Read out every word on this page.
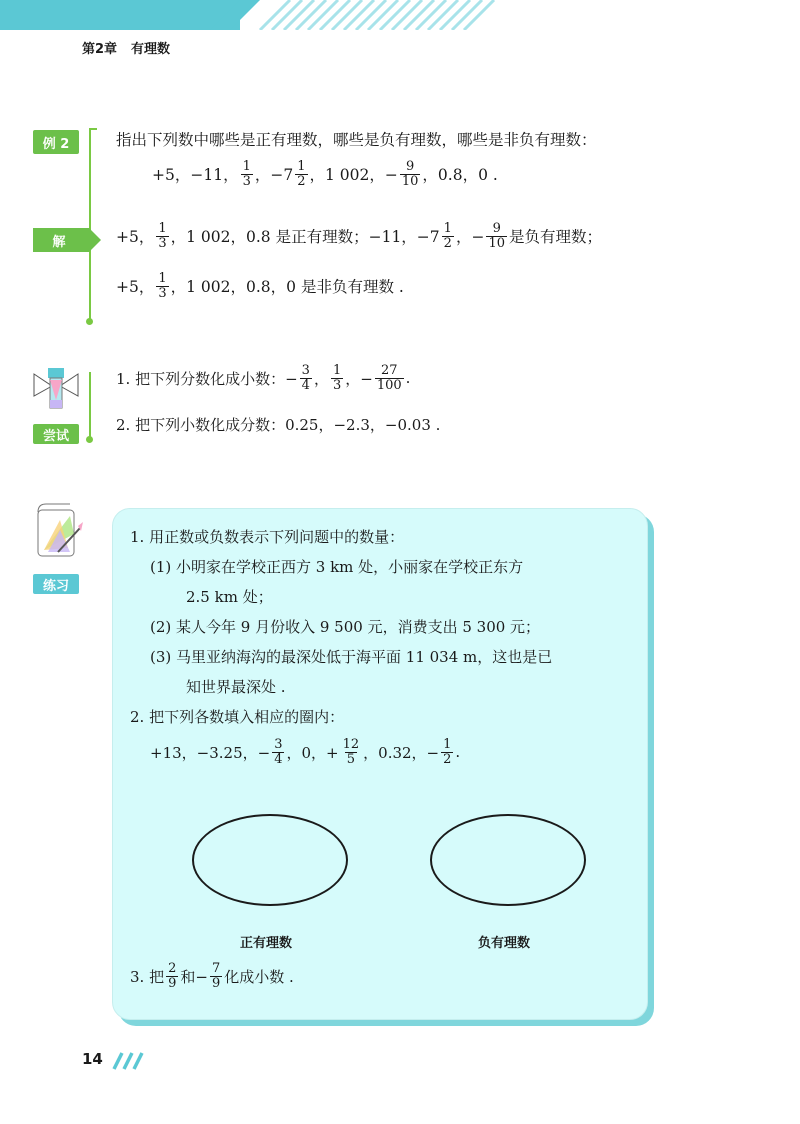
第2章 有理数
例 2	指出下列数中哪些是正有理数，哪些是负有理数，哪些是非负有理数：
+5， −11， $\frac{1}{3}$ ，$-7 \frac{1}{2}$ ，1 002，− $\frac{9}{10}$ ，0.8，0 .
解	+5， $\frac{1}{3}$ ，1 002，0.8 是正有理数；−11，$-7 \frac{1}{2}$ ，− $\frac{9}{10}$ 是负有理数；
+5， $\frac{1}{3}$ ，1 002，0.8，0 是非负有理数 .
尝试
1. 把下列分数化成小数：− $\frac{3}{4}$ ， $\frac{1}{3}$ ，− $\frac{27}{100}$ .
2. 把下列小数化成分数：0.25，−2.3，−0.03 .
练习
1. 用正数或负数表示下列问题中的数量：
(1) 小明家在学校正西方 3 km 处，小丽家在学校正东方
2.5 km 处；
(2) 某人今年 9 月份收入 9 500 元，消费支出 5 300 元；
(3) 马里亚纳海沟的最深处低于海平面 11 034 m，这也是已
知世界最深处 .
2. 把下列各数填入相应的圈内：
+13，−3.25，− $\frac{3}{4}$ ，0，+ $\frac{12}{5}$ ，0.32，− $\frac{1}{2}$ .
正有理数	负有理数
3. 把 $\frac{2}{9}$ 和− $\frac{7}{9}$ 化成小数 .
14
